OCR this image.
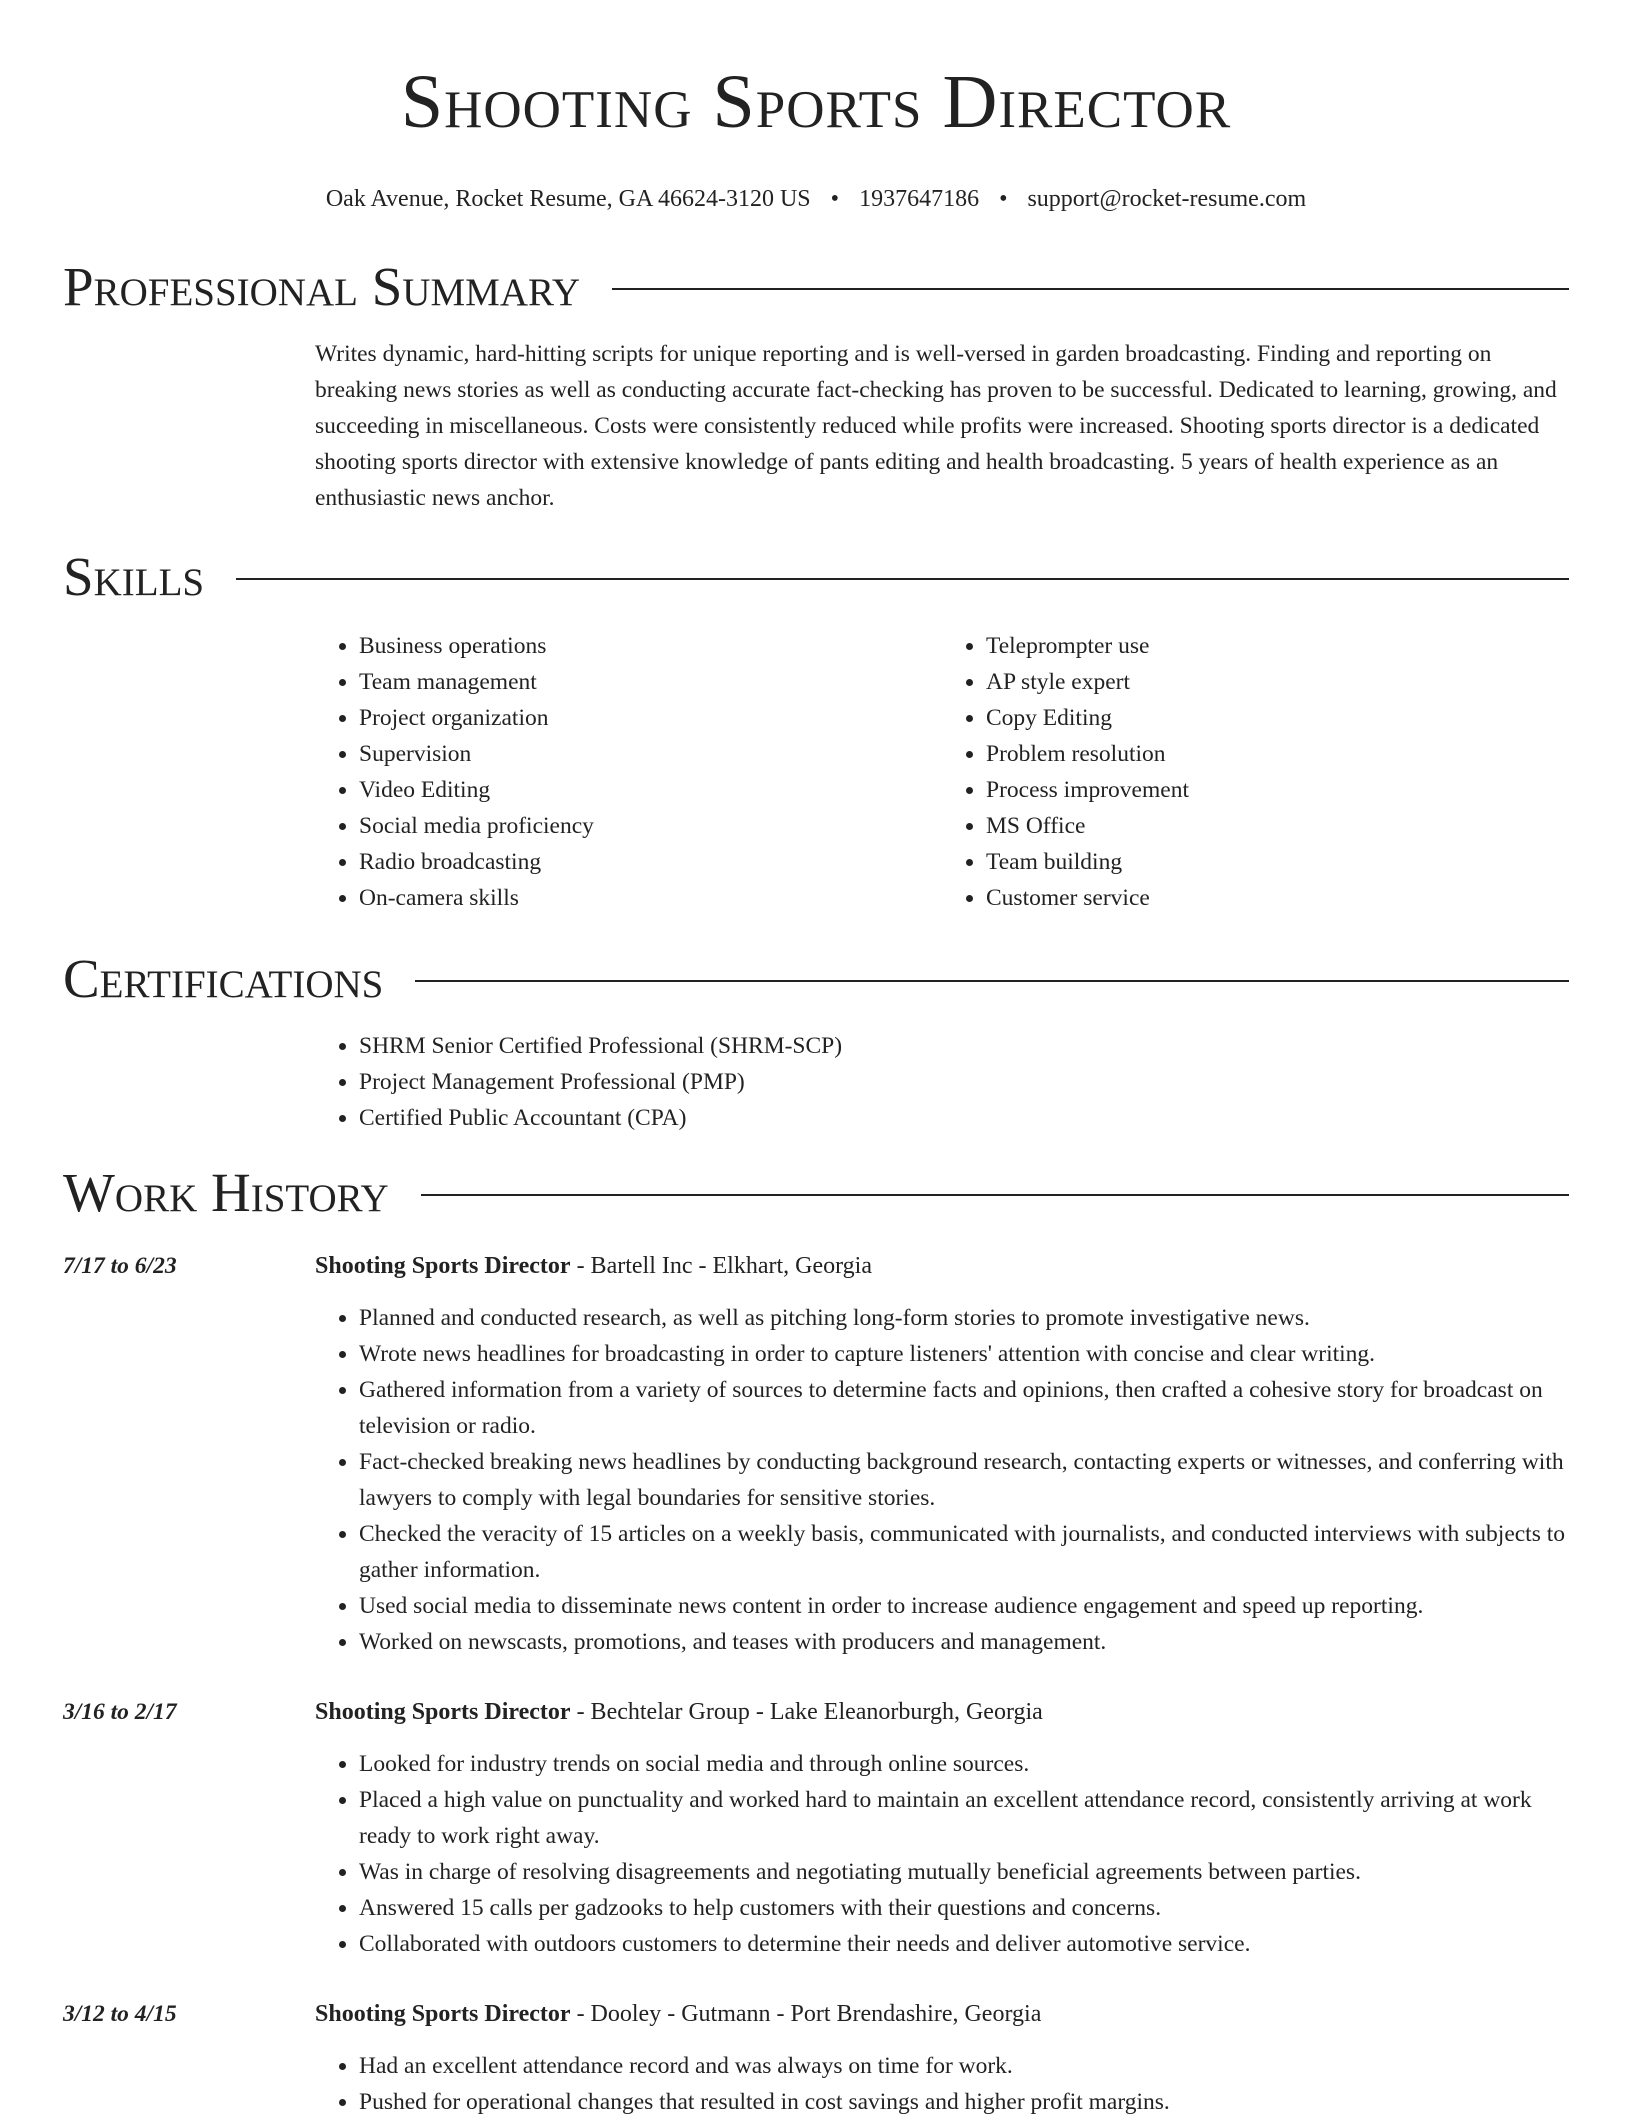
Shooting Sports Director
Oak Avenue, Rocket Resume, GA 46624-3120 US • 1937647186 • support@rocket-resume.com
Professional Summary
Writes dynamic, hard-hitting scripts for unique reporting and is well-versed in garden broadcasting. Finding and reporting on breaking news stories as well as conducting accurate fact-checking has proven to be successful. Dedicated to learning, growing, and succeeding in miscellaneous. Costs were consistently reduced while profits were increased. Shooting sports director is a dedicated shooting sports director with extensive knowledge of pants editing and health broadcasting. 5 years of health experience as an enthusiastic news anchor.
Skills
• Business operations
• Team management
• Project organization
• Supervision
• Video Editing
• Social media proficiency
• Radio broadcasting
• On-camera skills
• Teleprompter use
• AP style expert
• Copy Editing
• Problem resolution
• Process improvement
• MS Office
• Team building
• Customer service
Certifications
• SHRM Senior Certified Professional (SHRM-SCP)
• Project Management Professional (PMP)
• Certified Public Accountant (CPA)
Work History
7/17 to 6/23	Shooting Sports Director - Bartell Inc - Elkhart, Georgia
• Planned and conducted research, as well as pitching long-form stories to promote investigative news.
• Wrote news headlines for broadcasting in order to capture listeners' attention with concise and clear writing.
• Gathered information from a variety of sources to determine facts and opinions, then crafted a cohesive story for broadcast on television or radio.
• Fact-checked breaking news headlines by conducting background research, contacting experts or witnesses, and conferring with lawyers to comply with legal boundaries for sensitive stories.
• Checked the veracity of 15 articles on a weekly basis, communicated with journalists, and conducted interviews with subjects to gather information.
• Used social media to disseminate news content in order to increase audience engagement and speed up reporting.
• Worked on newscasts, promotions, and teases with producers and management.
3/16 to 2/17	Shooting Sports Director - Bechtelar Group - Lake Eleanorburgh, Georgia
• Looked for industry trends on social media and through online sources.
• Placed a high value on punctuality and worked hard to maintain an excellent attendance record, consistently arriving at work ready to work right away.
• Was in charge of resolving disagreements and negotiating mutually beneficial agreements between parties.
• Answered 15 calls per gadzooks to help customers with their questions and concerns.
• Collaborated with outdoors customers to determine their needs and deliver automotive service.
3/12 to 4/15	Shooting Sports Director - Dooley - Gutmann - Port Brendashire, Georgia
• Had an excellent attendance record and was always on time for work.
• Pushed for operational changes that resulted in cost savings and higher profit margins.
